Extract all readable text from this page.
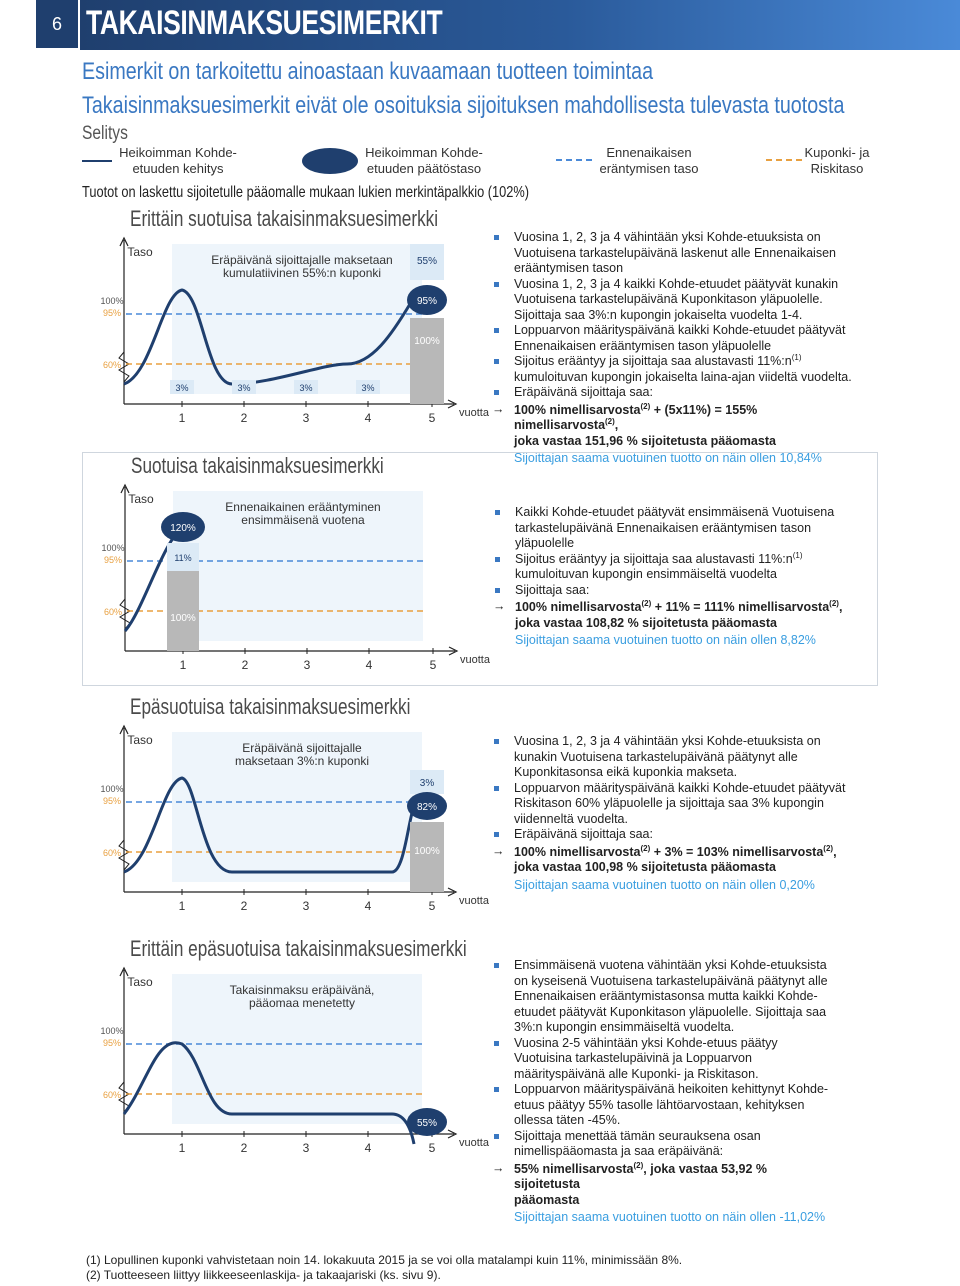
6 TAKAISINMAKSUESIMERKIT
Esimerkit on tarkoitettu ainoastaan kuvaamaan tuotteen toimintaa
Takaisinmaksuesimerkit eivät ole osoituksia sijoituksen mahdollisesta tulevasta tuotosta
Selitys
Heikoimman Kohde-
etuuden kehitys
Heikoimman Kohde-
etuuden päätöstaso
Ennenaikaisen
eräntymisen taso
Kuponki- ja
Riskitaso
Tuotot on laskettu sijoitetulle pääomalle mukaan lukien merkintäpalkkio (102%)
Erittäin suotuisa takaisinmaksuesimerkki
Taso
100%
95%
60%
1	2	3	4	5 vuotta
Eräpäivänä sijoittajalle maksetaan
kumulatiivinen 55%:n kuponki
55%
95%
100%
3%	3%	3%	3%
Vuosina 1, 2, 3 ja 4 vähintään yksi Kohde-etuuksista on Vuotuisena tarkastelupäivänä laskenut alle Ennenaikaisen erääntymisen tason
Vuosina 1, 2, 3 ja 4 kaikki Kohde-etuudet päätyvät kunakin Vuotuisena tarkastelupäivänä Kuponkitason yläpuolelle. Sijoittaja saa 3%:n kupongin jokaiselta vuodelta 1-4.
Loppuarvon määrityspäivänä kaikki Kohde-etuudet päätyvät Ennenaikaisen erääntymisen tason yläpuolelle
Sijoitus erääntyy ja sijoittaja saa alustavasti $11\%:n^{(1)}$
kumuloituvan kupongin jokaiselta laina-ajan viideltä vuodelta.
Eräpäivänä sijoittaja saa:
→ 100% nimellisarvosta$^{(2)}$ + (5x11%) = 155% nimellisarvosta$^{(2)}$,
joka vastaa 151,96 % sijoitetusta pääomasta
Sijoittajan saama vuotuinen tuotto on näin ollen 10,84%
Suotuisa takaisinmaksuesimerkki
Taso
100%
95%
60%
1	2	3	4	5 vuotta
Ennenaikainen erääntyminen
ensimmäisenä vuotena
120%
11%
100%
Kaikki Kohde-etuudet päätyvät ensimmäisenä Vuotuisena tarkastelupäivänä Ennenaikaisen erääntymisen tason yläpuolelle
Sijoitus erääntyy ja sijoittaja saa alustavasti $11\%:n^{(1)}$
kumuloituvan kupongin ensimmäiseltä vuodelta
Sijoittaja saa:
→ 100% nimellisarvosta$^{(2)}$ + 11% = 111% nimellisarvosta$^{(2)}$,
joka vastaa 108,82 % sijoitetusta pääomasta
Sijoittajan saama vuotuinen tuotto on näin ollen 8,82%
Epäsuotuisa takaisinmaksuesimerkki
Taso
100%
95%
60%
1	2	3	4	5 vuotta
Eräpäivänä sijoittajalle
maksetaan 3%:n kuponki
3%
82%
100%
Vuosina 1, 2, 3 ja 4 vähintään yksi Kohde-etuuksista on kunakin Vuotuisena tarkastelupäivänä päätynyt alle Kuponkitasonsa eikä kuponkia makseta.
Loppuarvon määrityspäivänä kaikki Kohde-etuudet päätyvät Riskitason 60% yläpuolelle ja sijoittaja saa 3% kupongin viidenneltä vuodelta.
Eräpäivänä sijoittaja saa:
→ 100% nimellisarvosta$^{(2)}$ + 3% = 103% nimellisarvosta$^{(2)}$,
joka vastaa 100,98 % sijoitetusta pääomasta
Sijoittajan saama vuotuinen tuotto on näin ollen 0,20%
Erittäin epäsuotuisa takaisinmaksuesimerkki
Taso
100%
95%
60%
1	2	3	4	5 vuotta
Takaisinmaksu eräpäivänä,
pääomaa menetetty
55%
Ensimmäisenä vuotena vähintään yksi Kohde-etuuksista on kyseisenä Vuotuisena tarkastelupäivänä päätynyt alle Ennenaikaisen erääntymistasonsa mutta kaikki Kohde-etuudet päätyvät Kuponkitason yläpuolelle. Sijoittaja saa 3%:n kupongin ensimmäiseltä vuodelta.
Vuosina 2-5 vähintään yksi Kohde-etuus päätyy Vuotuisina tarkastelupäivinä ja Loppuarvon määrityspäivänä alle Kuponki- ja Riskitason.
Loppuarvon määrityspäivänä heikoiten kehittynyt Kohde-etuus päätyy 55% tasolle lähtöarvostaan, kehityksen ollessa täten -45%.
Sijoittaja menettää tämän seurauksena osan nimellispääomasta ja saa eräpäivänä:
→ 55% nimellisarvosta$^{(2)}$, joka vastaa 53,92 % sijoitetusta
pääomasta
Sijoittajan saama vuotuinen tuotto on näin ollen -11,02%
(1) Lopullinen kuponki vahvistetaan noin 14. lokakuuta 2015 ja se voi olla matalampi kuin 11%, minimissään 8%.
(2) Tuotteeseen liittyy liikkeeseenlaskija- ja takaajariski (ks. sivu 9).
